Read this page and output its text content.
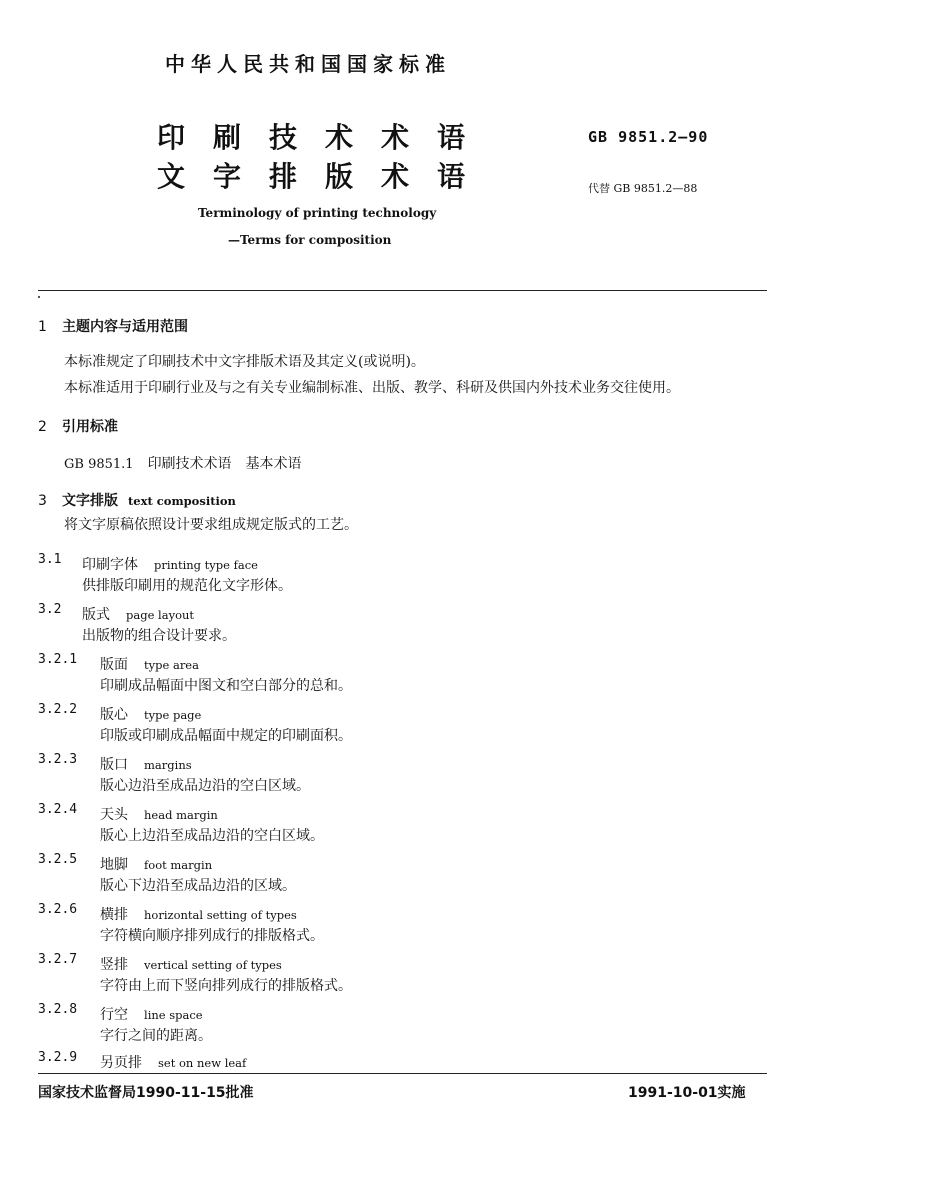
中华人民共和国国家标准
印刷技术术语
文字排版术语
GB 9851.2—90
代替 GB 9851.2—88
Terminology of printing technology
—Terms for composition
1 主题内容与适用范围
本标准规定了印刷技术中文字排版术语及其定义(或说明)。
本标准适用于印刷行业及与之有关专业编制标准、出版、教学、科研及供国内外技术业务交往使用。
2 引用标准
GB 9851.1　 印刷技术术语　基本术语
3 文字排版 text composition
将文字原稿依照设计要求组成规定版式的工艺。
3.1 印刷字体　 printing type face
供排版印刷用的规范化文字形体。
3.2 版式　 page layout
出版物的组合设计要求。
3.2.1 版面　 type area
印刷成品幅面中图文和空白部分的总和。
3.2.2 版心　 type page
印版或印刷成品幅面中规定的印刷面积。
3.2.3 版口　 margins
版心边沿至成品边沿的空白区域。
3.2.4 天头　 head margin
版心上边沿至成品边沿的空白区域。
3.2.5 地脚　 foot margin
版心下边沿至成品边沿的区域。
3.2.6 横排　 horizontal setting of types
字符横向顺序排列成行的排版格式。
3.2.7 竖排　 vertical setting of types
字符由上而下竖向排列成行的排版格式。
3.2.8 行空　 line space
字行之间的距离。
3.2.9 另页排　 set on new leaf
国家技术监督局1990-11-15批准	1991-10-01实施
